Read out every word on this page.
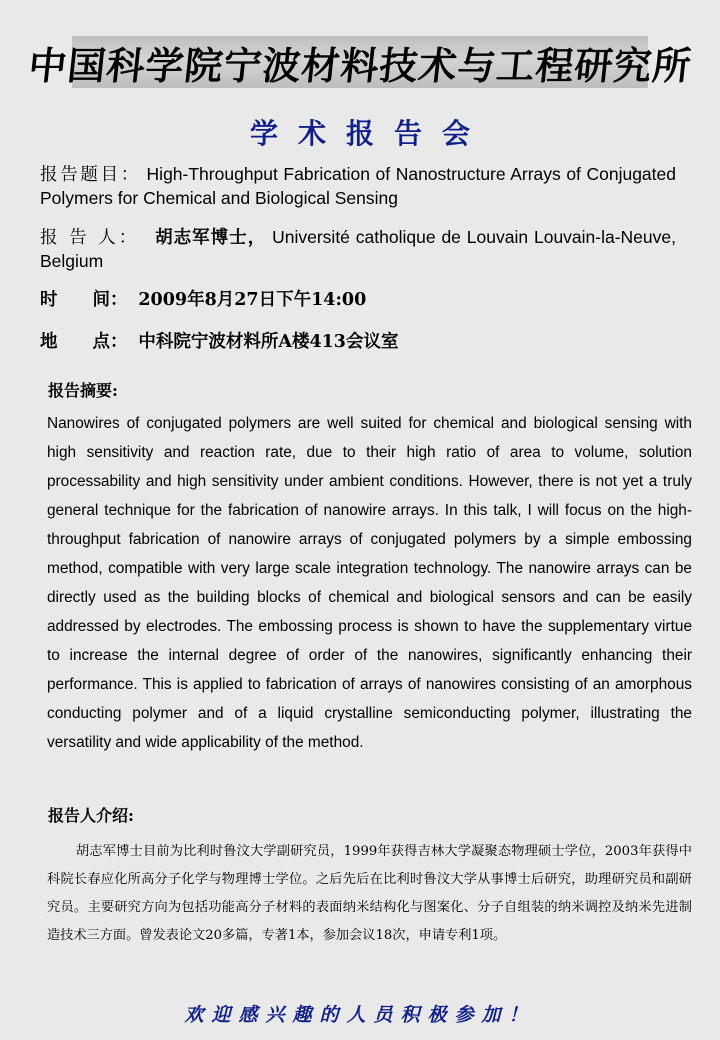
中国科学院宁波材料技术与工程研究所
学术报告会
报告题目： High-Throughput Fabrication of Nanostructure Arrays of Conjugated Polymers for Chemical and Biological Sensing
报 告 人： 胡志军博士， Université catholique de Louvain Louvain-la-Neuve, Belgium
时　　间： 2009年8月27日下午14:00
地　　点： 中科院宁波材料所A楼413会议室
报告摘要:
Nanowires of conjugated polymers are well suited for chemical and biological sensing with high sensitivity and reaction rate, due to their high ratio of area to volume, solution processability and high sensitivity under ambient conditions. However, there is not yet a truly general technique for the fabrication of nanowire arrays. In this talk, I will focus on the high-throughput fabrication of nanowire arrays of conjugated polymers by a simple embossing method, compatible with very large scale integration technology. The nanowire arrays can be directly used as the building blocks of chemical and biological sensors and can be easily addressed by electrodes. The embossing process is shown to have the supplementary virtue to increase the internal degree of order of the nanowires, significantly enhancing their performance. This is applied to fabrication of arrays of nanowires consisting of an amorphous conducting polymer and of a liquid crystalline semiconducting polymer, illustrating the versatility and wide applicability of the method.
报告人介绍:
胡志军博士目前为比利时鲁汶大学副研究员，1999年获得吉林大学凝聚态物理硕士学位，2003年获得中科院长春应化所高分子化学与物理博士学位。之后先后在比利时鲁汶大学从事博士后研究，助理研究员和副研究员。主要研究方向为包括功能高分子材料的表面纳米结构化与图案化、分子自组装的纳米调控及纳米先进制造技术三方面。曾发表论文20多篇，专著1本，参加会议18次，申请专利1项。
欢迎感兴趣的人员积极参加！
